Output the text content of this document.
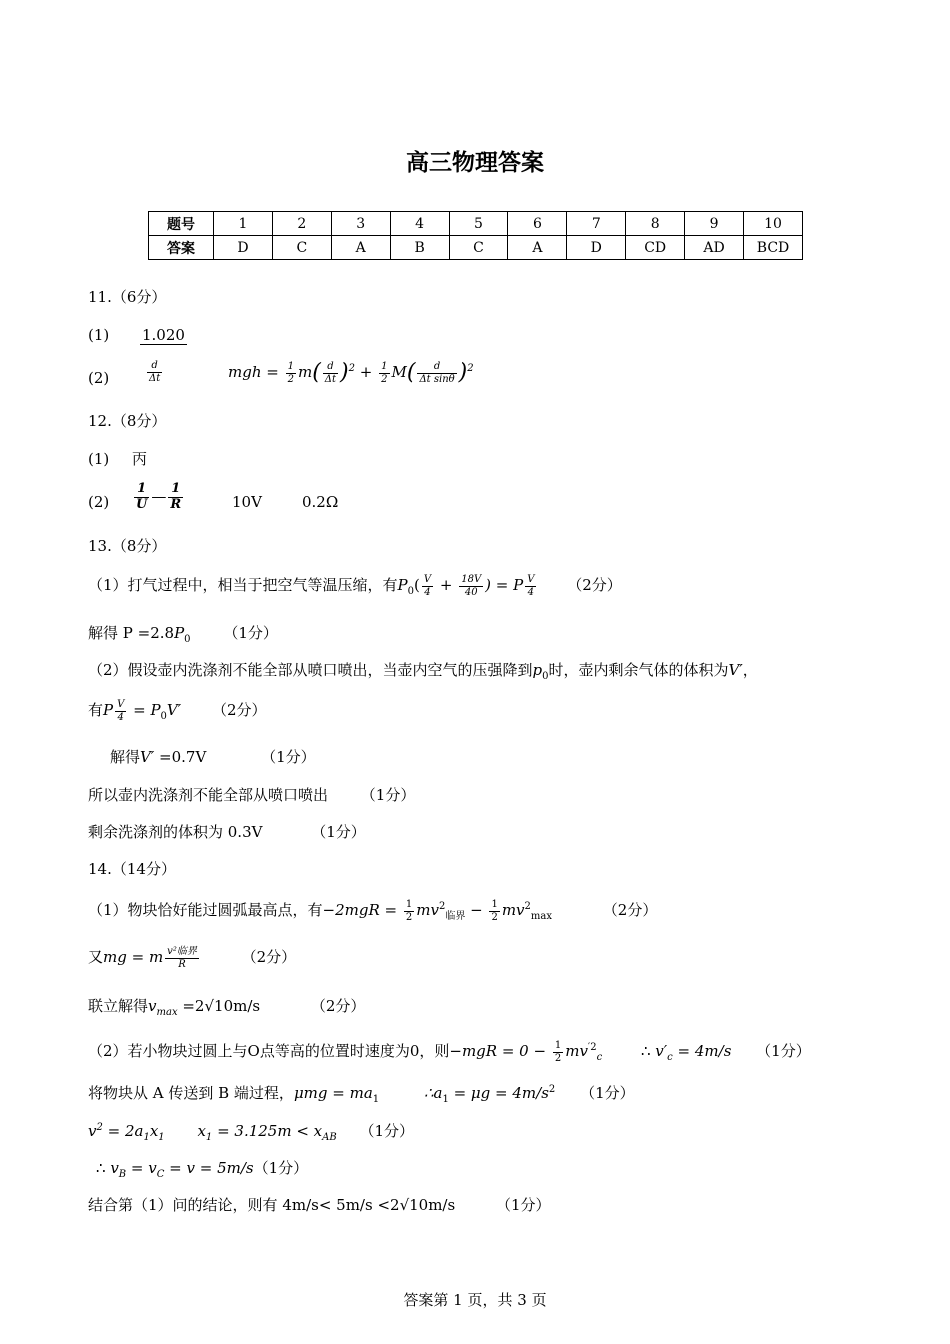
高三物理答案
题号	1	2	3	4	5	6	7	8	9	10
答案	D	C	A	B	C	A	D	CD	AD	BCD
11.（6分）
(1) 1.020
(2)	$\frac{d}{\Delta t}$	mgh = $\frac{1}{2} m( \frac{d}{\Delta t} )^2 + \frac{1}{2} M( \frac{d}{\text{Δt sinθ}} )^2$
12.（8分）
(1) 丙
$(2) \frac{1}{U}$ — $\frac{1}{R}$	10V	0.2Ω
13.（8分）
（1）打气过程中，相当于把空气等温压缩，有$P_0( \frac{V}{4} + \frac{18V}{40}$ ) = P $\frac{V}{4} (2$分）
解得 $P =2.8P_0$ （1分）
（2）假设壶内洗涤剂不能全部从喷口喷出，当壶内空气的压强降到$p_0$时，壶内剩余气体的体积为V′，
有P $\frac{V}{4} = P_0V'$ （2分）
解得V′ =0.7V	（1分）
所以壶内洗涤剂不能全部从喷口喷出 （1分）
剩余洗涤剂的体积为 0.3V	（1分）
14.（14分）
（1）物块恰好能过圆弧最高点，有$-2mgR = \frac{1}{2} mv^2_{临界} - \frac{1}{2} mv^2_{max}$	（2分）
又mg = m $\frac{\text{v²临界}}{R}$	（2分）
联立解得$v_{max} =2√10m/s$	（2分）
（2）若小物块过圆上与O点等高的位置时速度为0，则$-mgR = 0 - \frac{1}{2} mv^{'2}_c$	∴ $v'_c = 4m/s$ （1分）
将物块从 A 传送到 B 端过程，$\mu mg = ma_1$	$\therefore a_1 = \mu g = 4m/s^2$ （1分）
$v^2 = 2a_1x_1$ $x_1 = 3.125m < x_{AB}$ （1分）
∴ $v_B = v_C = v = 5m/s(1$分）
结合第（1）问的结论，则有 4m/s< 5m/s <2√10m/s	（1分）
答案第 1 页，共 3 页
